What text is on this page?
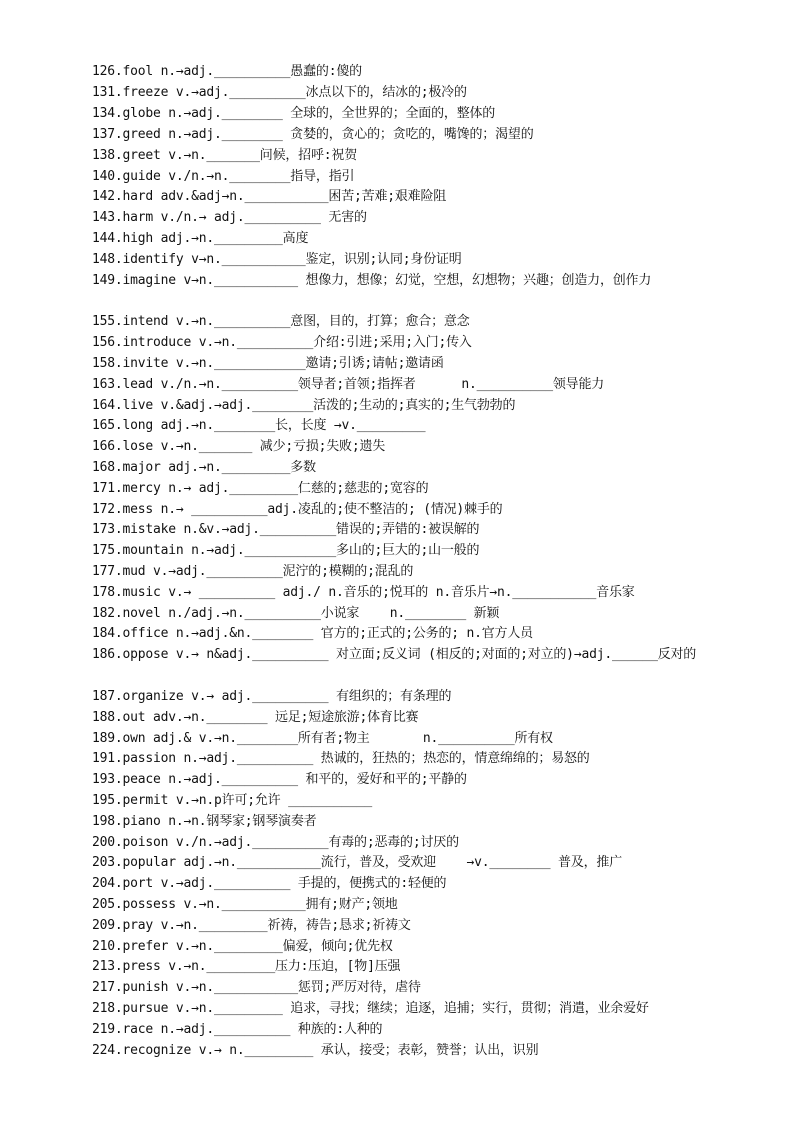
126.fool n.→adj.__________愚蠢的:傻的
131.freeze v.→adj.__________冰点以下的，结冰的;极冷的
134.globe n.→adj.________ 全球的，全世界的；全面的，整体的
137.greed n.→adj.________ 贪婪的，贪心的；贪吃的，嘴馋的；渴望的
138.greet v.→n._______问候，招呼:祝贺
140.guide v./n.→n.________指导，指引
142.hard adv.&adj→n.___________困苦;苦难;艰难险阻
143.harm v./n.→ adj.__________ 无害的
144.high adj.→n._________高度
148.identify v→n.___________鉴定，识别;认同;身份证明
149.imagine v→n.___________ 想像力，想像；幻觉，空想，幻想物；兴趣；创造力，创作力
155.intend v.→n.__________意图，目的，打算；愈合；意念
156.introduce v.→n.__________介绍:引进;采用;入门;传入
158.invite v.→n.____________邀请;引诱;请帖;邀请函
163.lead v./n.→n.__________领导者;首领;指挥者      n.__________领导能力
164.live v.&adj.→adj.________活泼的;生动的;真实的;生气勃勃的
165.long adj.→n.________长，长度 →v._________
166.lose v.→n._______ 减少;亏损;失败;遗失
168.major adj.→n._________多数
171.mercy n.→ adj._________仁慈的;慈悲的;宽容的
172.mess n.→ __________adj.凌乱的;使不整洁的; (情况)棘手的
173.mistake n.&v.→adj.__________错误的;弄错的:被误解的
175.mountain n.→adj.____________多山的;巨大的;山一般的
177.mud v.→adj.__________泥泞的;模糊的;混乱的
178.music v.→ __________ adj./ n.音乐的;悦耳的 n.音乐片→n.___________音乐家
182.novel n./adj.→n.__________小说家    n.________ 新颖
184.office n.→adj.&n.________ 官方的;正式的;公务的; n.官方人员
186.oppose v.→ n&adj.__________ 对立面;反义词 (相反的;对面的;对立的)→adj.______反对的
187.organize v.→ adj.__________ 有组织的；有条理的
188.out adv.→n.________ 远足;短途旅游;体育比赛
189.own adj.& v.→n.________所有者;物主       n.__________所有权
191.passion n.→adj.__________ 热诚的，狂热的；热恋的，情意绵绵的；易怒的
193.peace n.→adj.__________ 和平的，爱好和平的;平静的
195.permit v.→n.p许可;允许 ___________
198.piano n.→n.钢琴家;钢琴演奏者
200.poison v./n.→adj.__________有毒的;恶毒的;讨厌的
203.popular adj.→n.___________流行，普及，受欢迎    →v.________ 普及，推广
204.port v.→adj.__________ 手提的，便携式的:轻便的
205.possess v.→n.___________拥有;财产;领地
209.pray v.→n._________祈祷，祷告;恳求;祈祷文
210.prefer v.→n._________偏爱，倾向;优先权
213.press v.→n._________压力:压迫，[物]压强
217.punish v.→n.___________惩罚;严厉对待，虐待
218.pursue v.→n._________ 追求，寻找；继续；追逐，追捕；实行，贯彻；消遣，业余爱好
219.race n.→adj.__________ 种族的:人种的
224.recognize v.→ n._________ 承认，接受；表彰，赞誉；认出，识别
